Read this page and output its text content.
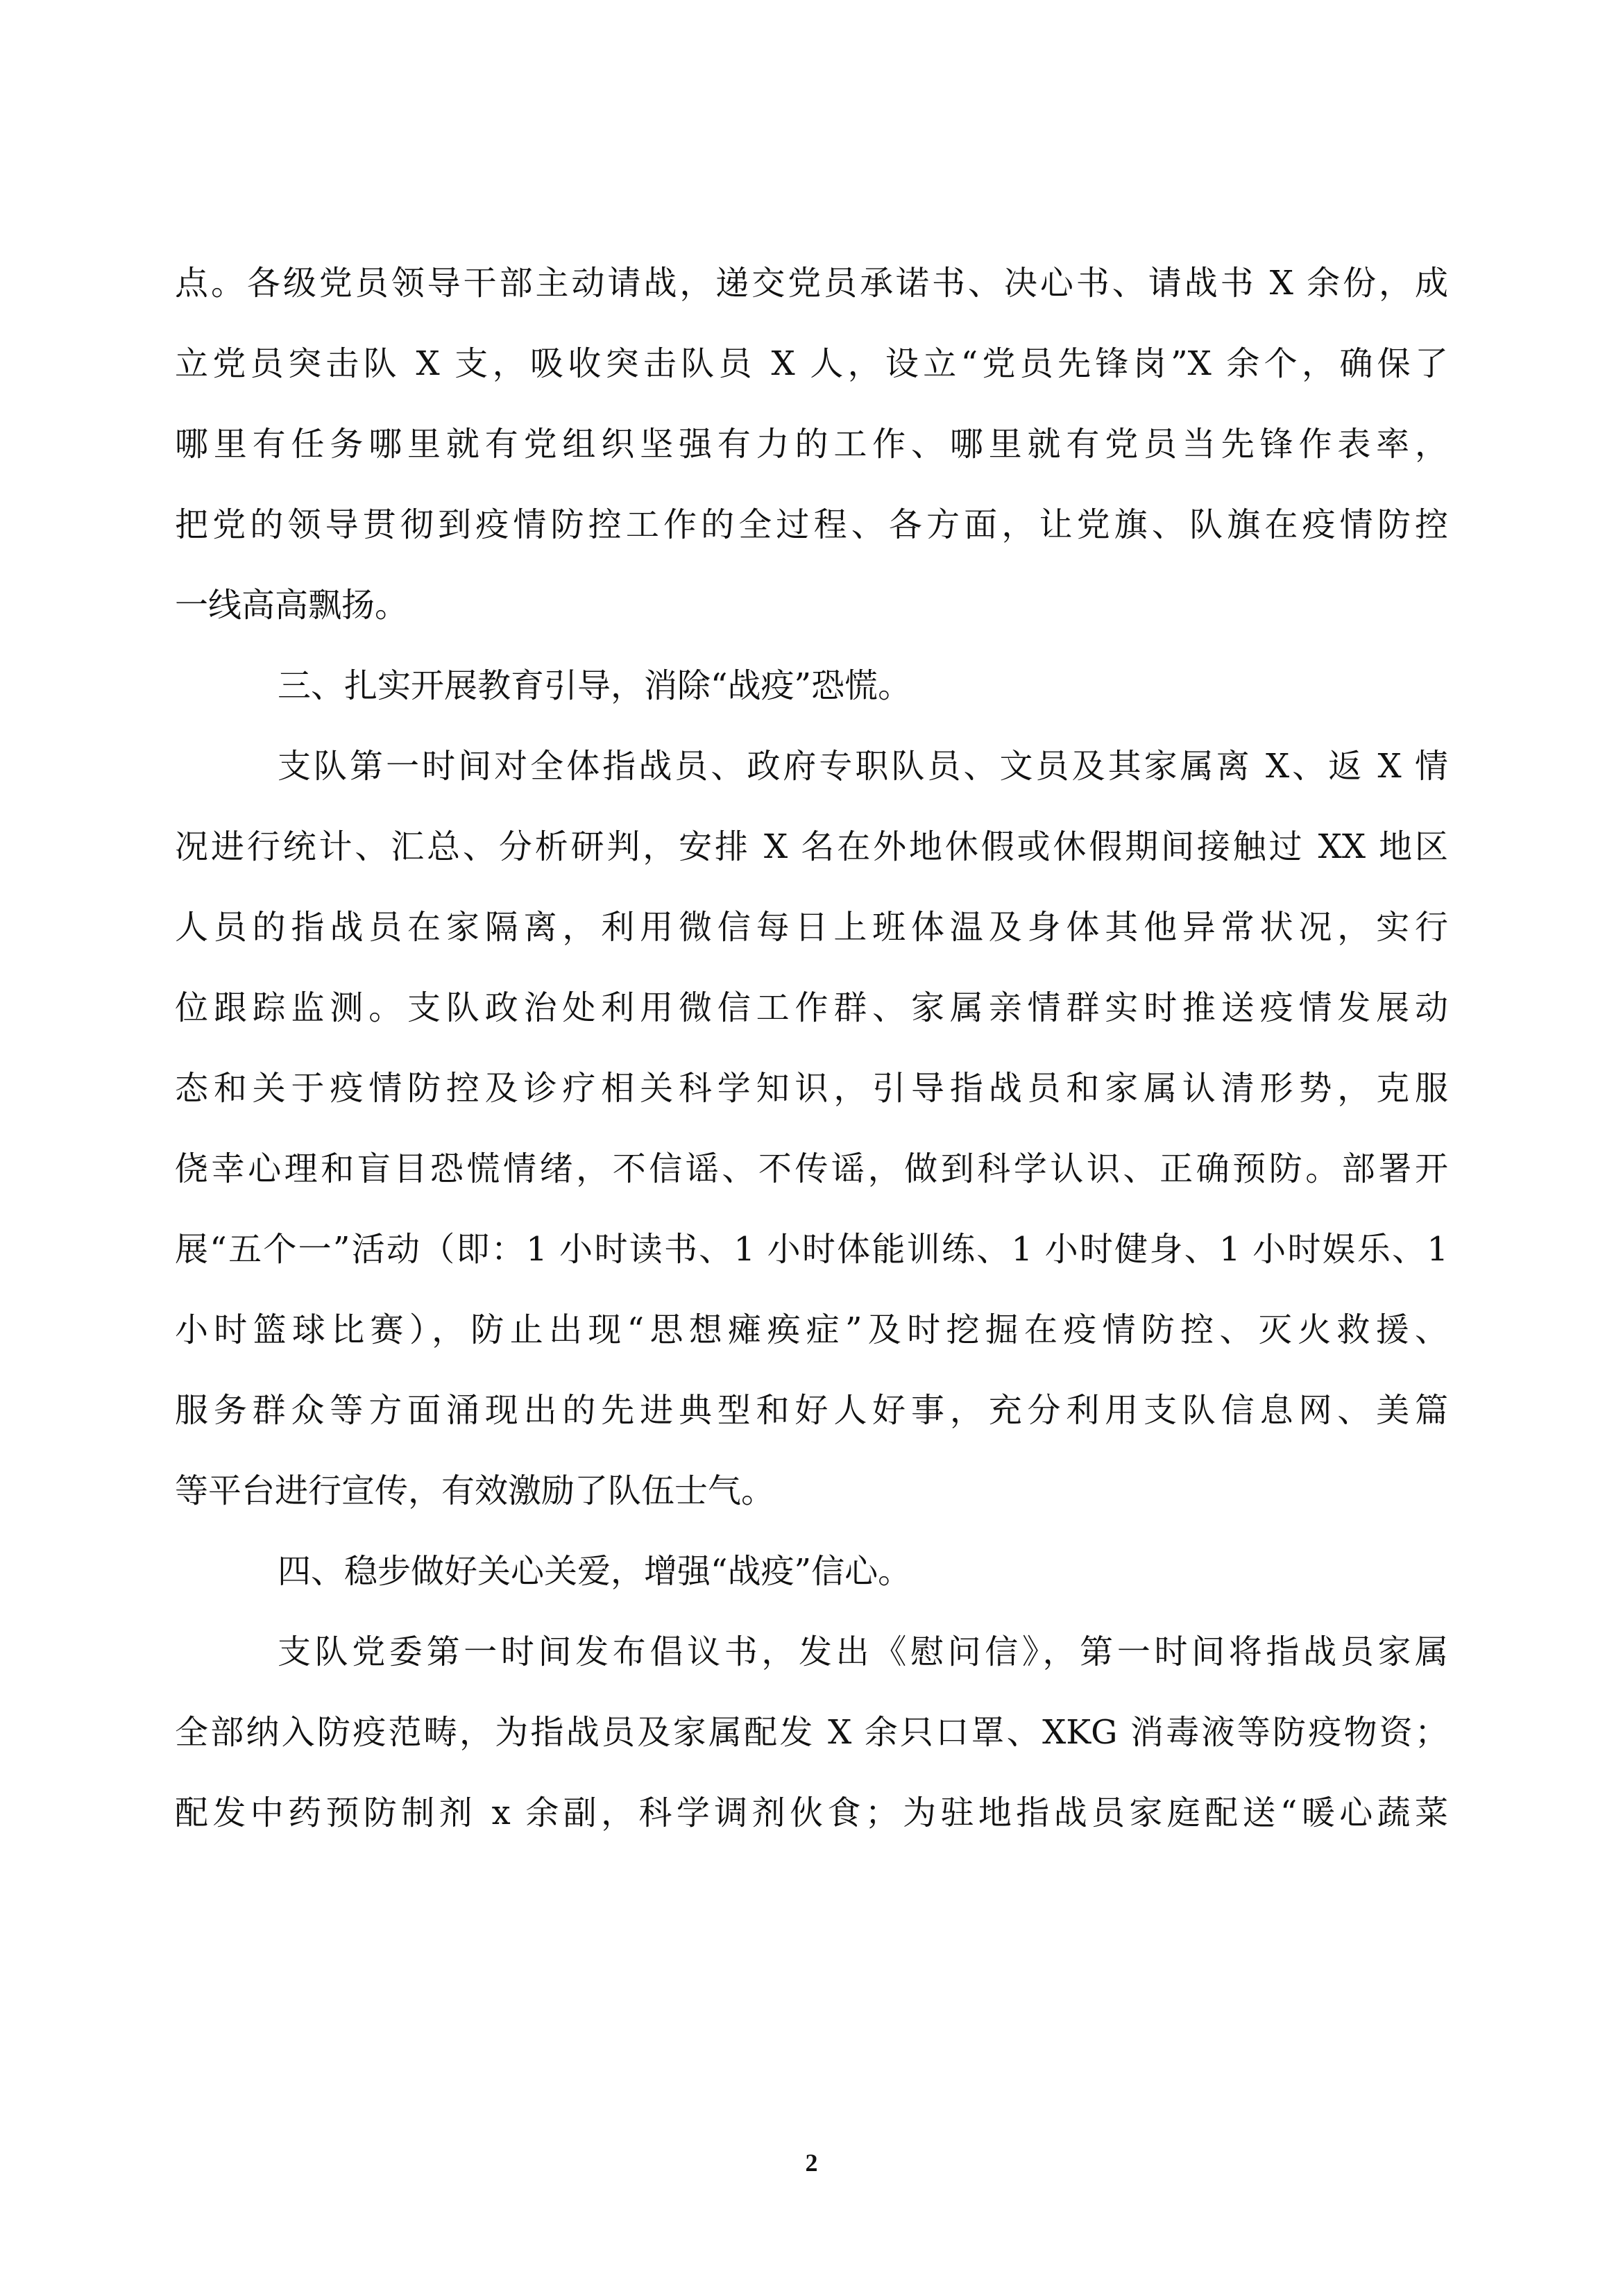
点。各级党员领导干部主动请战，递交党员承诺书、决心书、请战书 X 余份，成
立党员突击队 X 支，吸收突击队员 X 人，设立“党员先锋岗”X 余个，确保了
哪里有任务哪里就有党组织坚强有力的工作、哪里就有党员当先锋作表率，
把党的领导贯彻到疫情防控工作的全过程、各方面，让党旗、队旗在疫情防控
一线高高飘扬。
三、扎实开展教育引导，消除“战疫”恐慌。
支队第一时间对全体指战员、政府专职队员、文员及其家属离 X、返 X 情
况进行统计、汇总、分析研判，安排 X 名在外地休假或休假期间接触过 XX 地区
人员的指战员在家隔离，利用微信每日上班体温及身体其他异常状况，实行
位跟踪监测。支队政治处利用微信工作群、家属亲情群实时推送疫情发展动
态和关于疫情防控及诊疗相关科学知识，引导指战员和家属认清形势，克服
侥幸心理和盲目恐慌情绪，不信谣、不传谣，做到科学认识、正确预防。部署开
展“五个一”活动（即：1 小时读书、1 小时体能训练、1 小时健身、1 小时娱乐、1
小时篮球比赛），防止出现“思想瘫痪症”及时挖掘在疫情防控、灭火救援、
服务群众等方面涌现出的先进典型和好人好事，充分利用支队信息网、美篇
等平台进行宣传，有效激励了队伍士气。
四、稳步做好关心关爱，增强“战疫”信心。
支队党委第一时间发布倡议书，发出《慰问信》，第一时间将指战员家属
全部纳入防疫范畴，为指战员及家属配发 X 余只口罩、XKG 消毒液等防疫物资；
配发中药预防制剂 x 余副，科学调剂伙食；为驻地指战员家庭配送“暖心蔬菜
2
